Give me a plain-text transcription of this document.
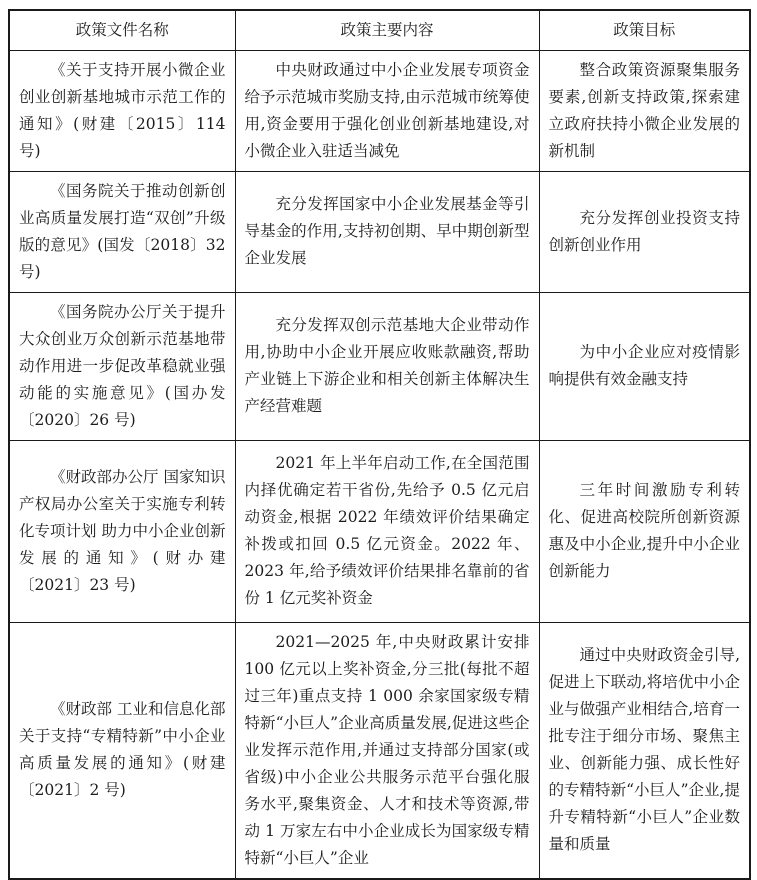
政策文件名称	政策主要内容	政策目标

《关于支持开展小微企业创业创新基地城市示范工作的通知》(财建〔2015〕114 号)	中央财政通过中小企业发展专项资金给予示范城市奖励支持,由示范城市统筹使用,资金要用于强化创业创新基地建设,对小微企业入驻适当减免	整合政策资源聚集服务要素,创新支持政策,探索建立政府扶持小微企业发展的新机制

《国务院关于推动创新创业高质量发展打造“双创”升级版的意见》(国发〔2018〕32 号)	充分发挥国家中小企业发展基金等引导基金的作用,支持初创期、早中期创新型企业发展	充分发挥创业投资支持创新创业作用

《国务院办公厅关于提升大众创业万众创新示范基地带动作用进一步促改革稳就业强动能的实施意见》(国办发〔2020〕26 号)	充分发挥双创示范基地大企业带动作用,协助中小企业开展应收账款融资,帮助产业链上下游企业和相关创新主体解决生产经营难题	为中小企业应对疫情影响提供有效金融支持

《财政部办公厅 国家知识产权局办公室关于实施专利转化专项计划 助力中小企业创新发展的通知》(财办建〔2021〕23 号)	2021 年上半年启动工作,在全国范围内择优确定若干省份,先给予 0.5 亿元启动资金,根据 2022 年绩效评价结果确定补拨或扣回 0.5 亿元资金。2022 年、2023 年,给予绩效评价结果排名靠前的省份 1 亿元奖补资金	三年时间激励专利转化、促进高校院所创新资源惠及中小企业,提升中小企业创新能力

《财政部 工业和信息化部关于支持“专精特新”中小企业高质量发展的通知》(财建〔2021〕2 号)	2021—2025 年,中央财政累计安排 100 亿元以上奖补资金,分三批(每批不超过三年)重点支持 1 000 余家国家级专精特新“小巨人”企业高质量发展,促进这些企业发挥示范作用,并通过支持部分国家(或省级)中小企业公共服务示范平台强化服务水平,聚集资金、人才和技术等资源,带动 1 万家左右中小企业成长为国家级专精特新“小巨人”企业	通过中央财政资金引导,促进上下联动,将培优中小企业与做强产业相结合,培育一批专注于细分市场、聚焦主业、创新能力强、成长性好的专精特新“小巨人”企业,提升专精特新“小巨人”企业数量和质量
